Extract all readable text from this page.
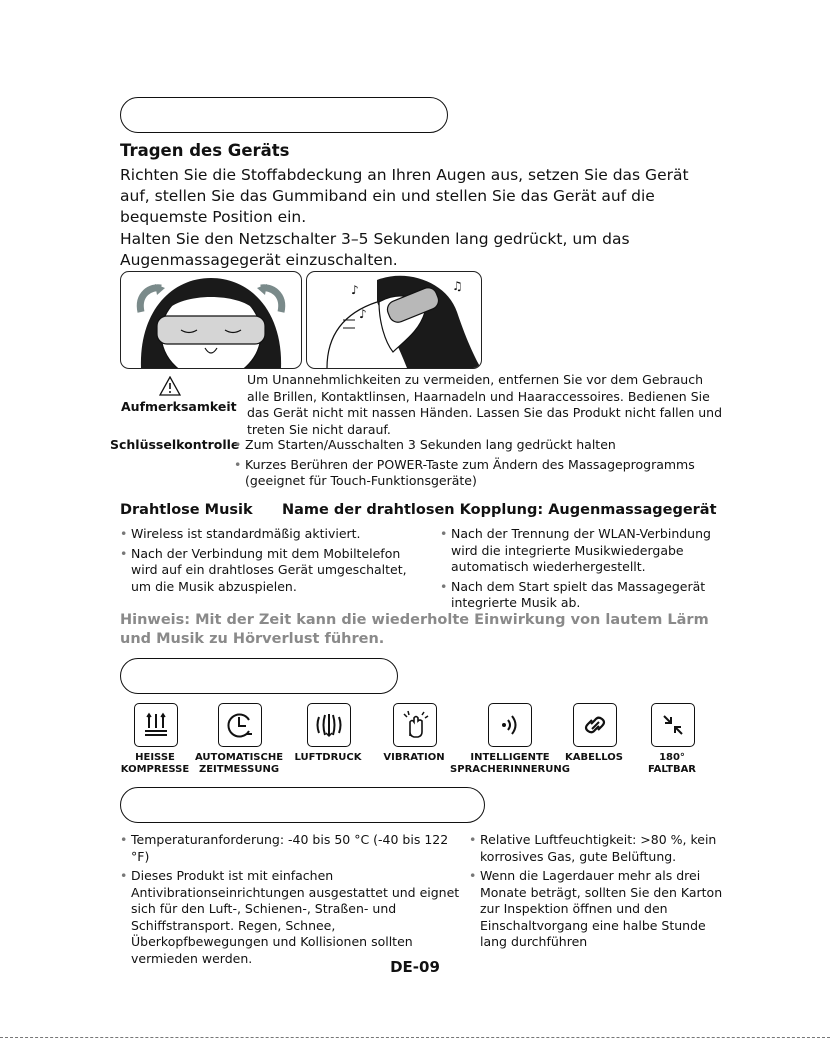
Tragen des Geräts
Richten Sie die Stoffabdeckung an Ihren Augen aus, setzen Sie das Gerät auf, stellen Sie das Gummiband ein und stellen Sie das Gerät auf die bequemste Position ein.
Halten Sie den Netzschalter 3–5 Sekunden lang gedrückt, um das Augenmassagegerät einzuschalten.
♪	♫
♪
Aufmerksamkeit
Um Unannehmlichkeiten zu vermeiden, entfernen Sie vor dem Gebrauch alle Brillen, Kontaktlinsen, Haarnadeln und Haaraccessoires. Bedienen Sie das Gerät nicht mit nassen Händen. Lassen Sie das Produkt nicht fallen und treten Sie nicht darauf.
Schlüsselkontrolle
• Zum Starten/Ausschalten 3 Sekunden lang gedrückt halten
• Kurzes Berühren der POWER-Taste zum Ändern des Massageprogramms (geeignet für Touch-Funktionsgeräte)
Drahtlose Musik Name der drahtlosen Kopplung: Augenmassagegerät
• Wireless ist standardmäßig aktiviert.
• Nach der Verbindung mit dem Mobiltelefon wird auf ein drahtloses Gerät umgeschaltet, um die Musik abzuspielen.
• Nach der Trennung der WLAN-Verbindung wird die integrierte Musikwiedergabe automatisch wiederhergestellt.
• Nach dem Start spielt das Massagegerät integrierte Musik ab.
Hinweis: Mit der Zeit kann die wiederholte Einwirkung von lautem Lärm und Musik zu Hörverlust führen.
HEISSE
KOMPRESSE
AUTOMATISCHE
ZEITMESSUNG
LUFTDRUCK	VIBRATION	INTELLIGENTE
SPRACHERINNERUNG
KABELLOS	180°
FALTBAR
• Temperaturanforderung: -40 bis 50 °C (-40 bis 122 °F)
• Dieses Produkt ist mit einfachen Antivibrationseinrichtungen ausgestattet und eignet sich für den Luft-, Schienen-, Straßen- und Schiffstransport. Regen, Schnee, Überkopfbewegungen und Kollisionen sollten vermieden werden.
• Relative Luftfeuchtigkeit: >80 %, kein korrosives Gas, gute Belüftung.
• Wenn die Lagerdauer mehr als drei Monate beträgt, sollten Sie den Karton zur Inspektion öffnen und den Einschaltvorgang eine halbe Stunde lang durchführen
DE-09
